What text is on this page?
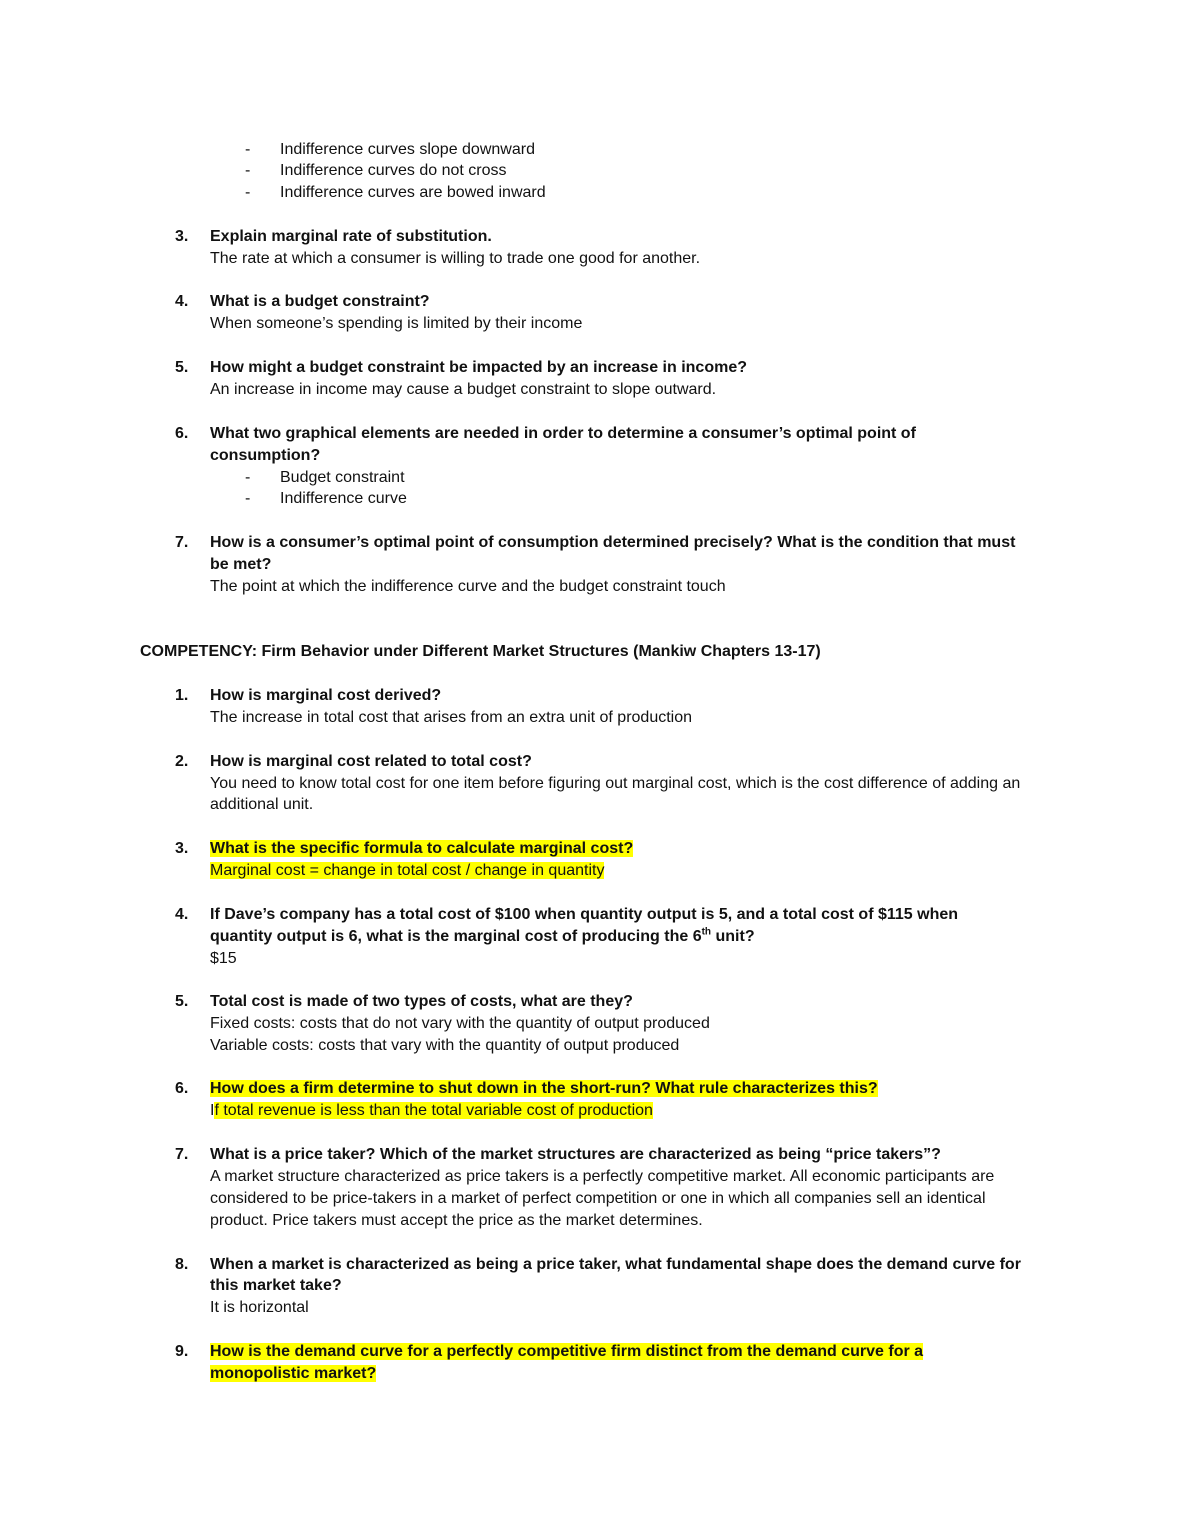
- Indifference curves slope downward
- Indifference curves do not cross
- Indifference curves are bowed inward
3. Explain marginal rate of substitution.
The rate at which a consumer is willing to trade one good for another.
4. What is a budget constraint?
When someone’s spending is limited by their income
5. How might a budget constraint be impacted by an increase in income?
An increase in income may cause a budget constraint to slope outward.
6. What two graphical elements are needed in order to determine a consumer’s optimal point of
consumption?
- Budget constraint
- Indifference curve
7. How is a consumer’s optimal point of consumption determined precisely? What is the condition that must
be met?
The point at which the indifference curve and the budget constraint touch
COMPETENCY: Firm Behavior under Different Market Structures (Mankiw Chapters 13-17)
1. How is marginal cost derived?
The increase in total cost that arises from an extra unit of production
2. How is marginal cost related to total cost?
You need to know total cost for one item before figuring out marginal cost, which is the cost difference of adding an
additional unit.
3. What is the specific formula to calculate marginal cost?
Marginal cost = change in total cost / change in quantity
4. If Dave’s company has a total cost of $100 when quantity output is 5, and a total cost of $115 when
quantity output is 6, what is the marginal cost of producing the 6th unit?
$15
5. Total cost is made of two types of costs, what are they?
Fixed costs: costs that do not vary with the quantity of output produced
Variable costs: costs that vary with the quantity of output produced
6. How does a firm determine to shut down in the short-run? What rule characterizes this?
If total revenue is less than the total variable cost of production
7. What is a price taker? Which of the market structures are characterized as being “price takers”?
A market structure characterized as price takers is a perfectly competitive market. All economic participants are
considered to be price-takers in a market of perfect competition or one in which all companies sell an identical
product. Price takers must accept the price as the market determines.
8. When a market is characterized as being a price taker, what fundamental shape does the demand curve for
this market take?
It is horizontal
9. How is the demand curve for a perfectly competitive firm distinct from the demand curve for a
monopolistic market?
